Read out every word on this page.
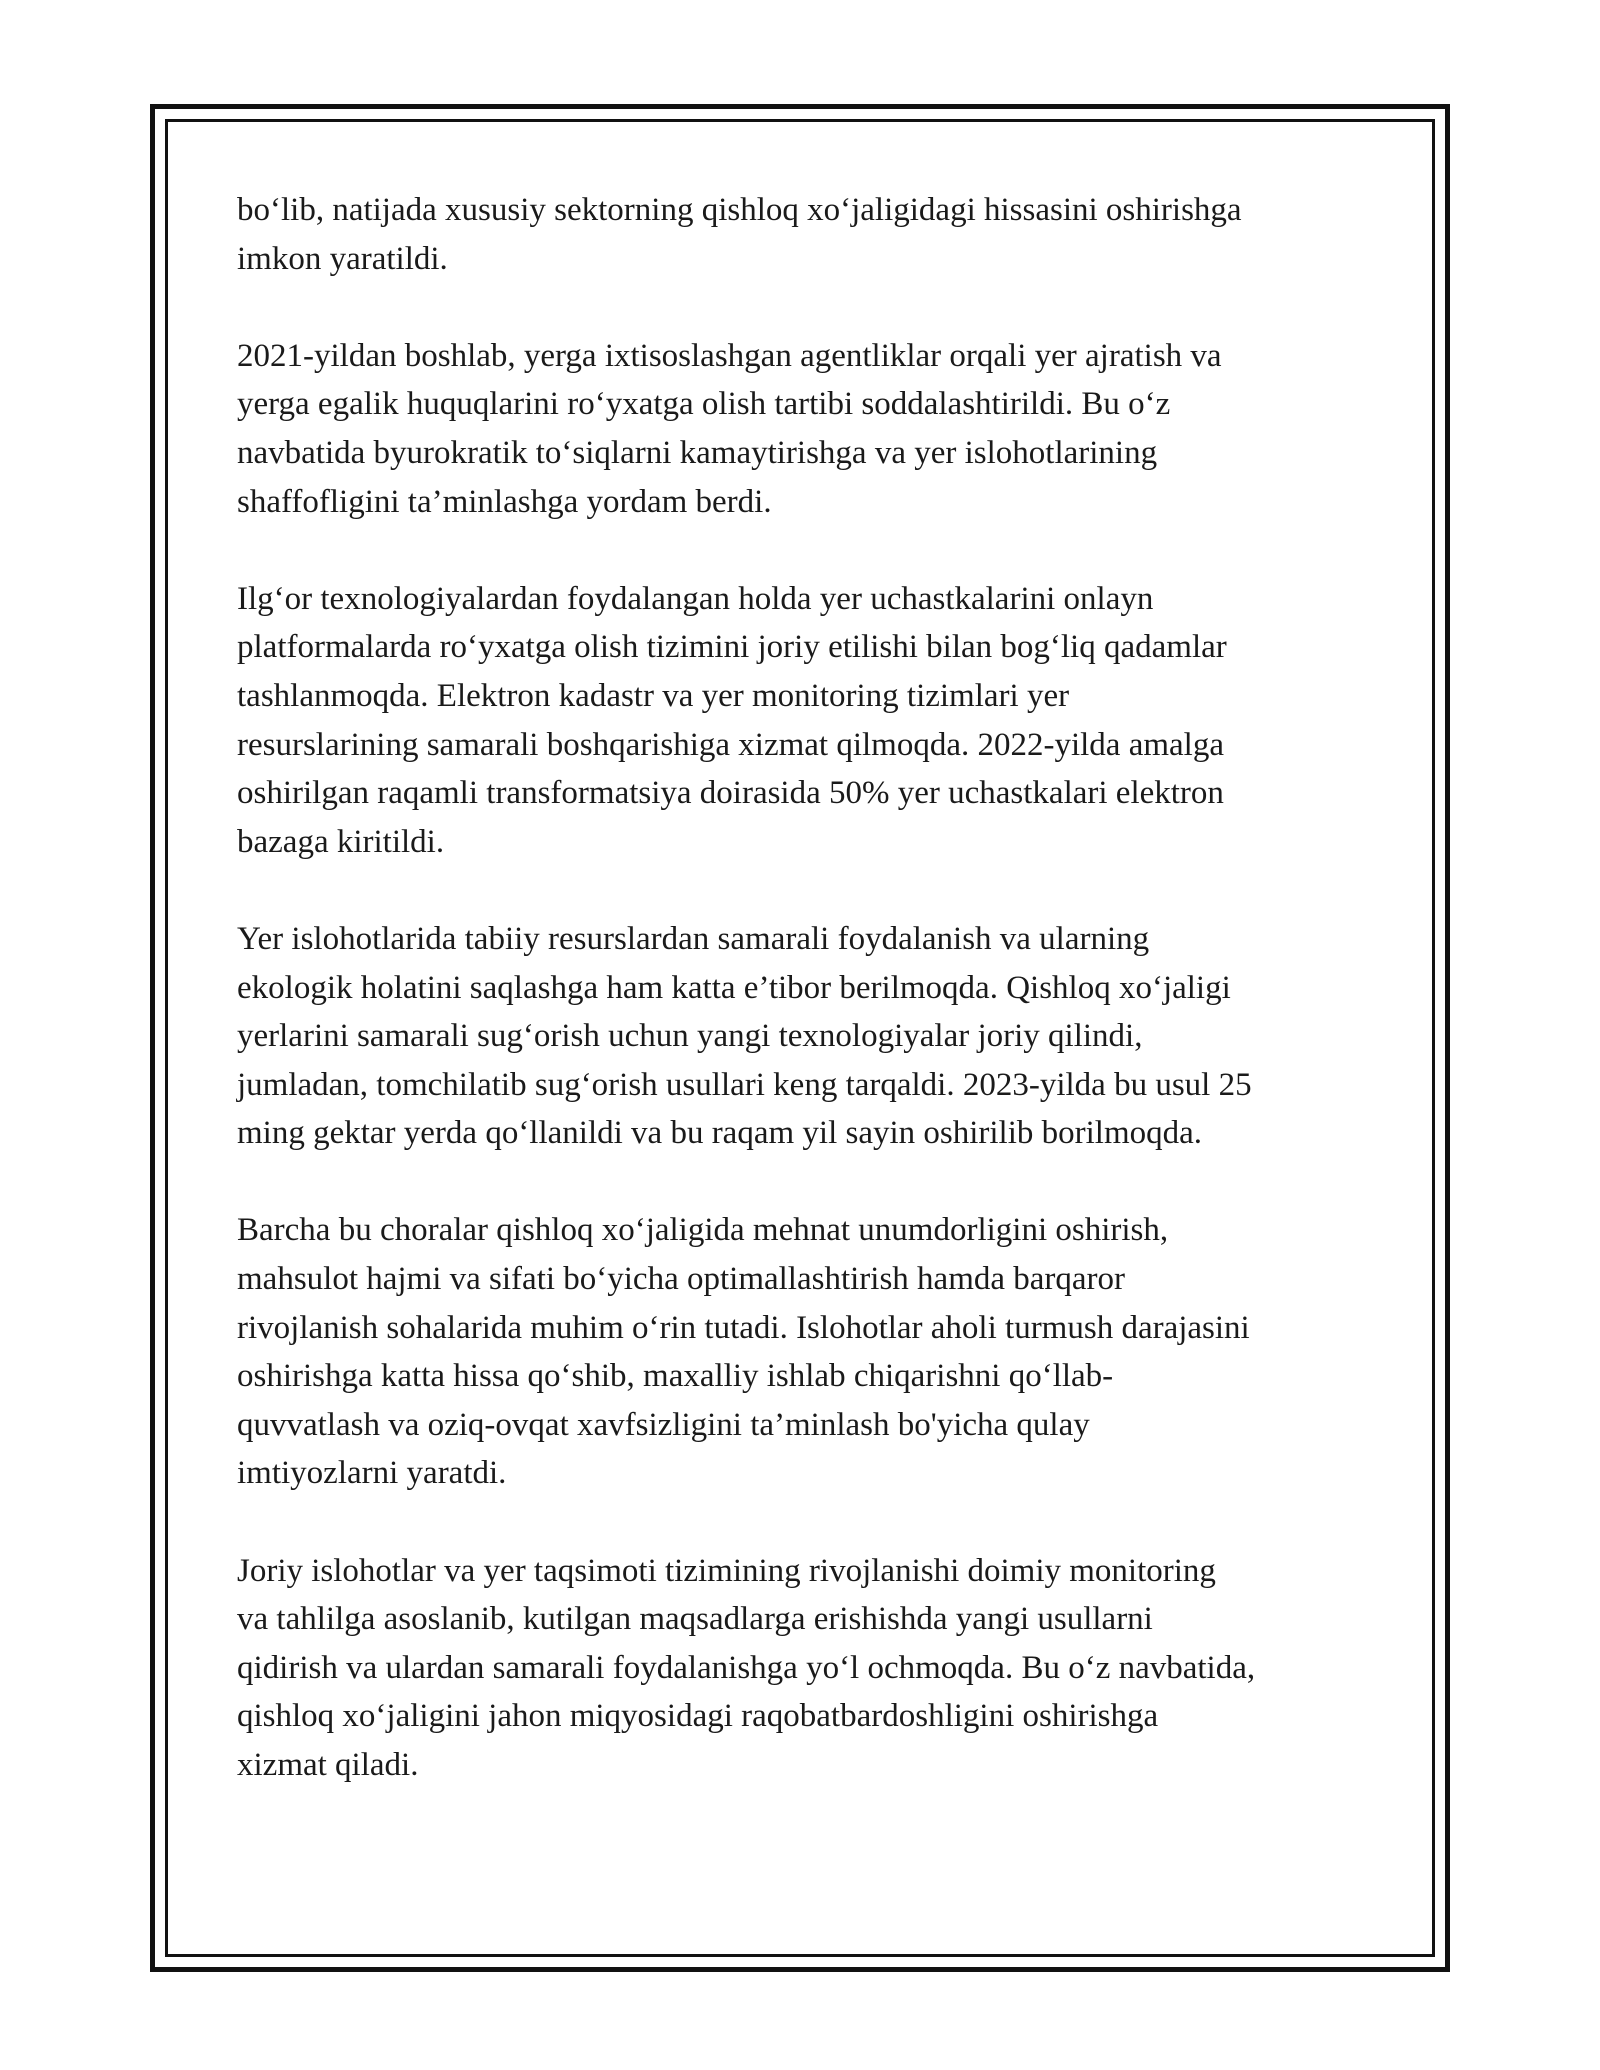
bo‘lib, natijada xususiy sektorning qishloq xo‘jaligidagi hissasini oshirishga
imkon yaratildi.

2021-yildan boshlab, yerga ixtisoslashgan agentliklar orqali yer ajratish va
yerga egalik huquqlarini ro‘yxatga olish tartibi soddalashtirildi. Bu o‘z
navbatida byurokratik to‘siqlarni kamaytirishga va yer islohotlarining
shaffofligini ta’minlashga yordam berdi.

Ilg‘or texnologiyalardan foydalangan holda yer uchastkalarini onlayn
platformalarda ro‘yxatga olish tizimini joriy etilishi bilan bog‘liq qadamlar
tashlanmoqda. Elektron kadastr va yer monitoring tizimlari yer
resurslarining samarali boshqarishiga xizmat qilmoqda. 2022-yilda amalga
oshirilgan raqamli transformatsiya doirasida 50% yer uchastkalari elektron
bazaga kiritildi.

Yer islohotlarida tabiiy resurslardan samarali foydalanish va ularning
ekologik holatini saqlashga ham katta e’tibor berilmoqda. Qishloq xo‘jaligi
yerlarini samarali sug‘orish uchun yangi texnologiyalar joriy qilindi,
jumladan, tomchilatib sug‘orish usullari keng tarqaldi. 2023-yilda bu usul 25
ming gektar yerda qo‘llanildi va bu raqam yil sayin oshirilib borilmoqda.

Barcha bu choralar qishloq xo‘jaligida mehnat unumdorligini oshirish,
mahsulot hajmi va sifati bo‘yicha optimallashtirish hamda barqaror
rivojlanish sohalarida muhim o‘rin tutadi. Islohotlar aholi turmush darajasini
oshirishga katta hissa qo‘shib, maxalliy ishlab chiqarishni qo‘llab-
quvvatlash va oziq-ovqat xavfsizligini ta’minlash bo'yicha qulay
imtiyozlarni yaratdi.

Joriy islohotlar va yer taqsimoti tizimining rivojlanishi doimiy monitoring
va tahlilga asoslanib, kutilgan maqsadlarga erishishda yangi usullarni
qidirish va ulardan samarali foydalanishga yo‘l ochmoqda. Bu o‘z navbatida,
qishloq xo‘jaligini jahon miqyosidagi raqobatbardoshligini oshirishga
xizmat qiladi.
